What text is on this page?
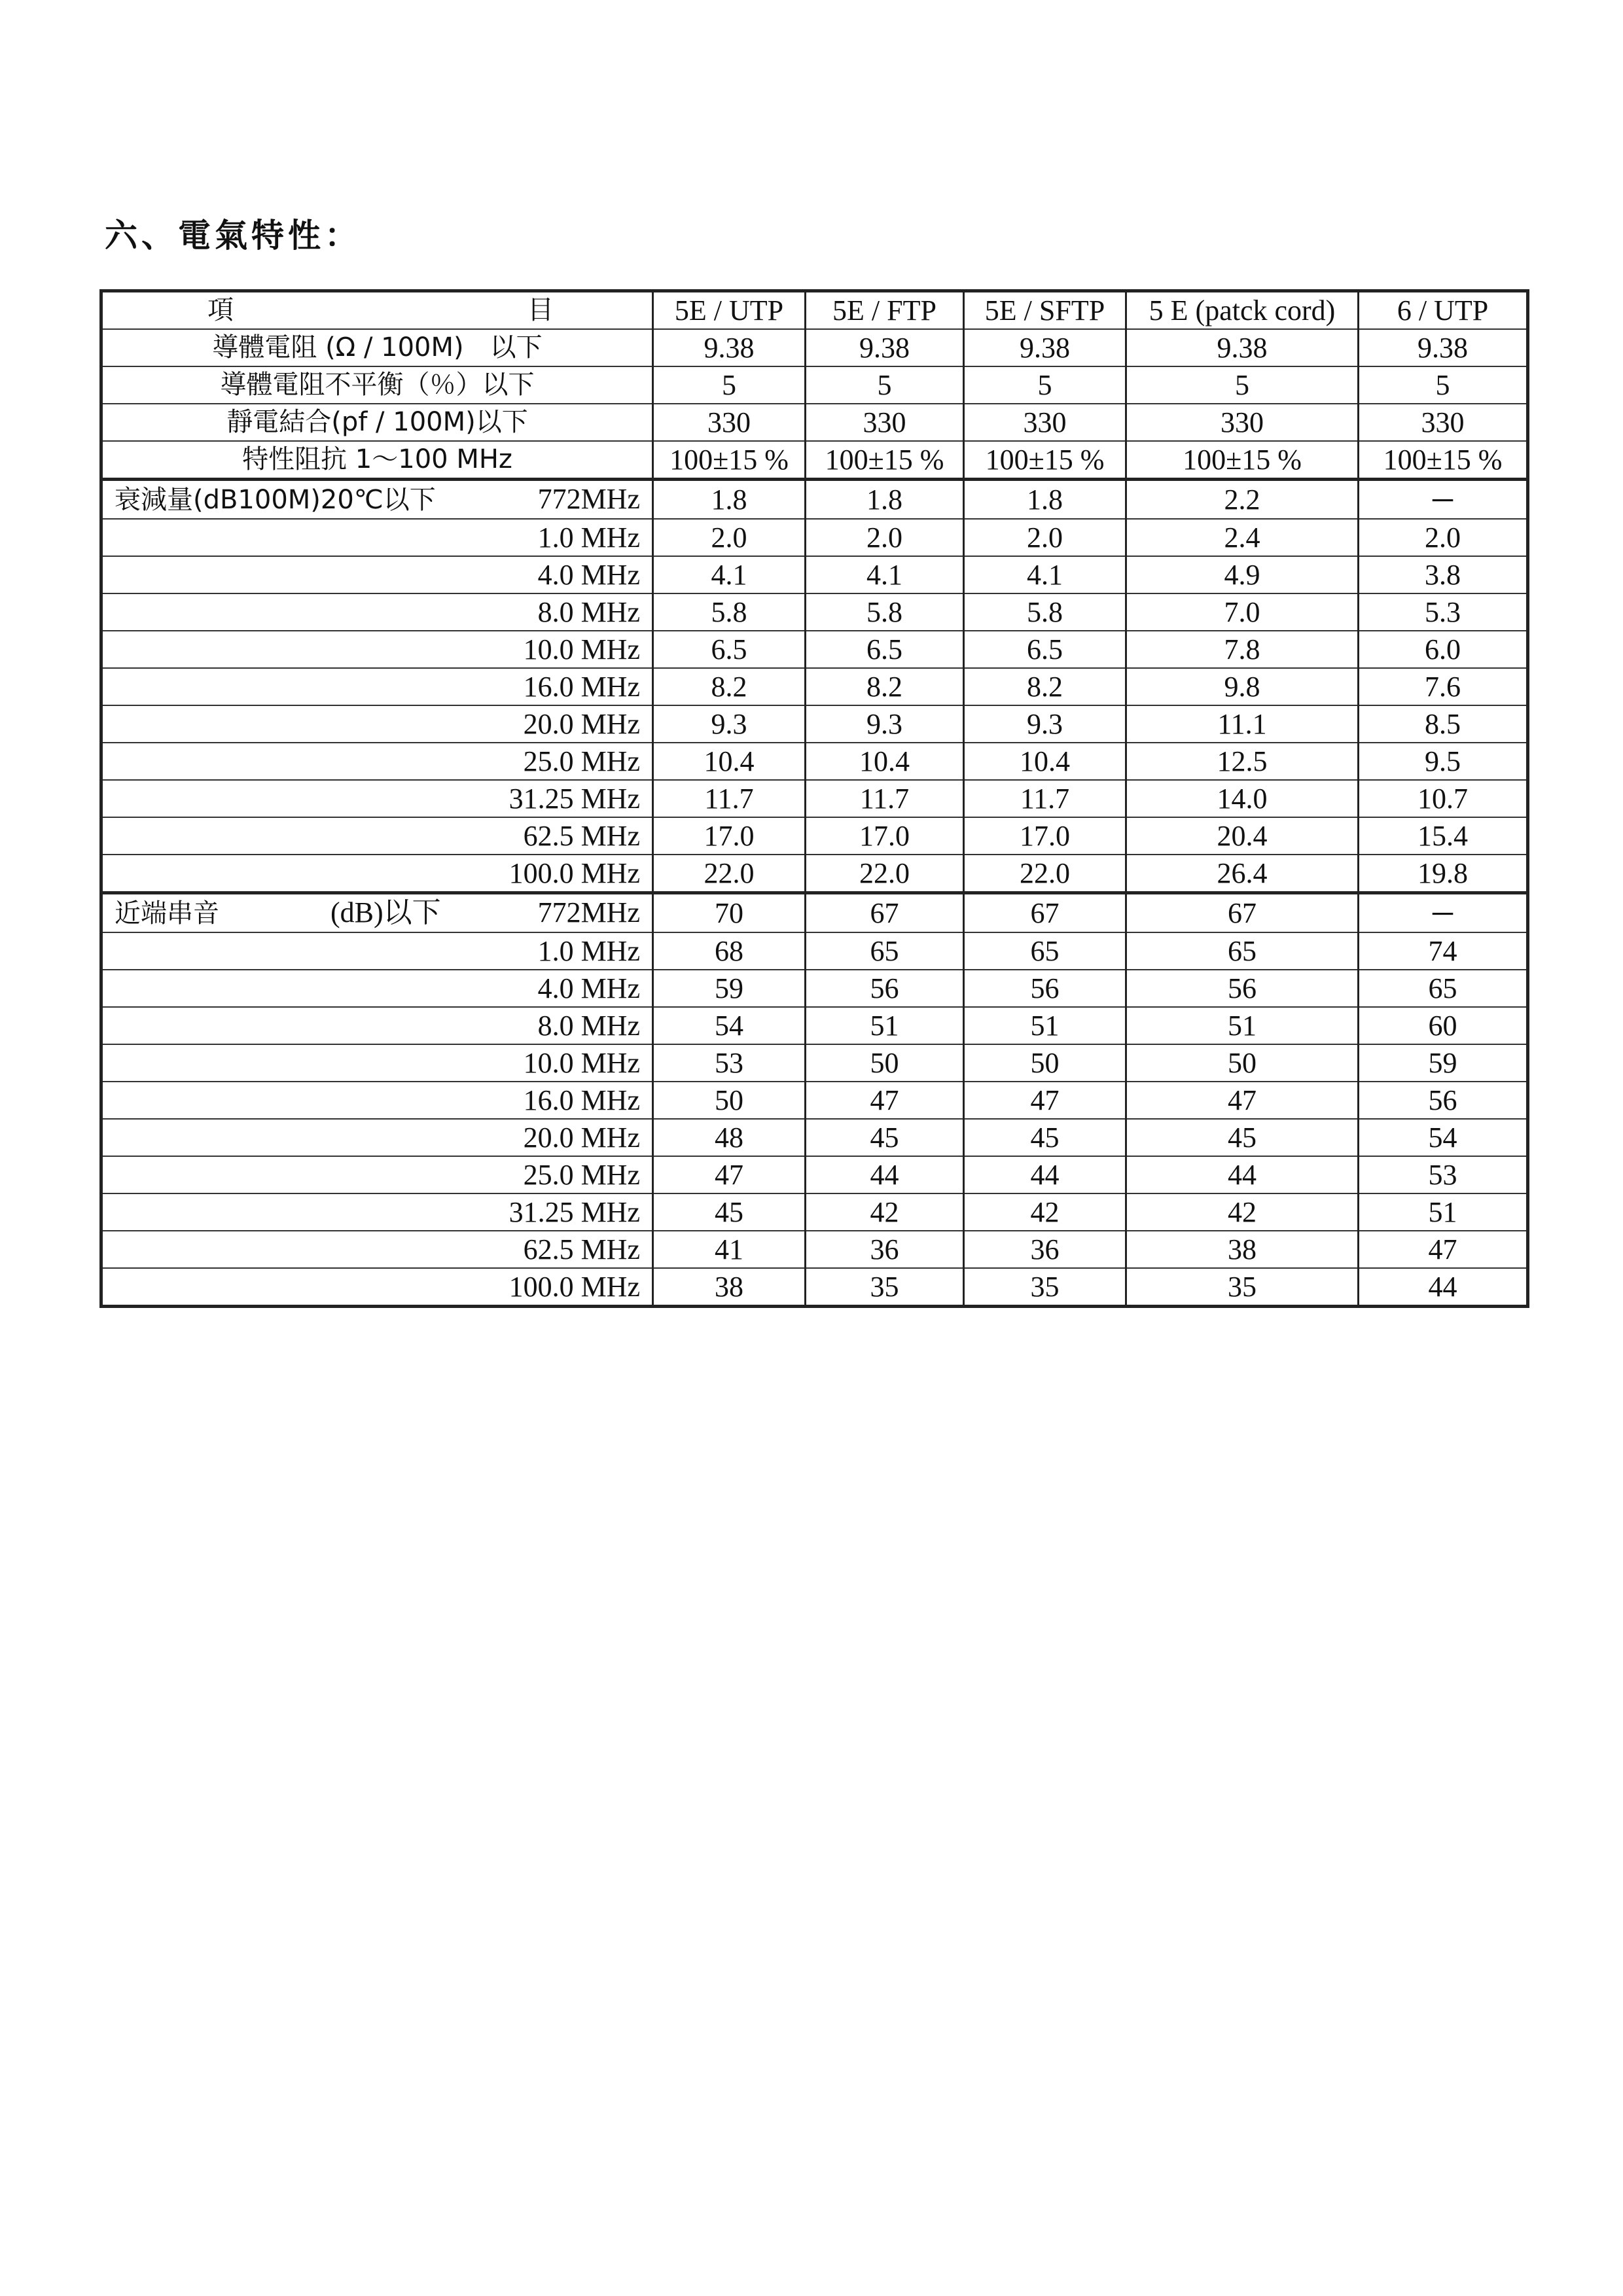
六、電氣特性：
項 目	5E / UTP	5E / FTP	5E / SFTP	5 E (patck cord)	6 / UTP
導體電阻 (Ω / 100M)　以下	9.38	9.38	9.38	9.38	9.38
導體電阻不平衡（％）以下	5	5	5	5	5
靜電結合(pf / 100M)以下	330	330	330	330	330
特性阻抗 1～100 MHz	100±15 %	100±15 %	100±15 %	100±15 %	100±15 %
衰減量(dB100M)20℃以下 772MHz	1.8	1.8	1.8	2.2	─
1.0 MHz	2.0	2.0	2.0	2.4	2.0
4.0 MHz	4.1	4.1	4.1	4.9	3.8
8.0 MHz	5.8	5.8	5.8	7.0	5.3
10.0 MHz	6.5	6.5	6.5	7.8	6.0
16.0 MHz	8.2	8.2	8.2	9.8	7.6
20.0 MHz	9.3	9.3	9.3	11.1	8.5
25.0 MHz	10.4	10.4	10.4	12.5	9.5
31.25 MHz	11.7	11.7	11.7	14.0	10.7
62.5 MHz	17.0	17.0	17.0	20.4	15.4
100.0 MHz	22.0	22.0	22.0	26.4	19.8
近端串音 (dB)以下 772MHz	70	67	67	67	─
1.0 MHz	68	65	65	65	74
4.0 MHz	59	56	56	56	65
8.0 MHz	54	51	51	51	60
10.0 MHz	53	50	50	50	59
16.0 MHz	50	47	47	47	56
20.0 MHz	48	45	45	45	54
25.0 MHz	47	44	44	44	53
31.25 MHz	45	42	42	42	51
62.5 MHz	41	36	36	38	47
100.0 MHz	38	35	35	35	44
